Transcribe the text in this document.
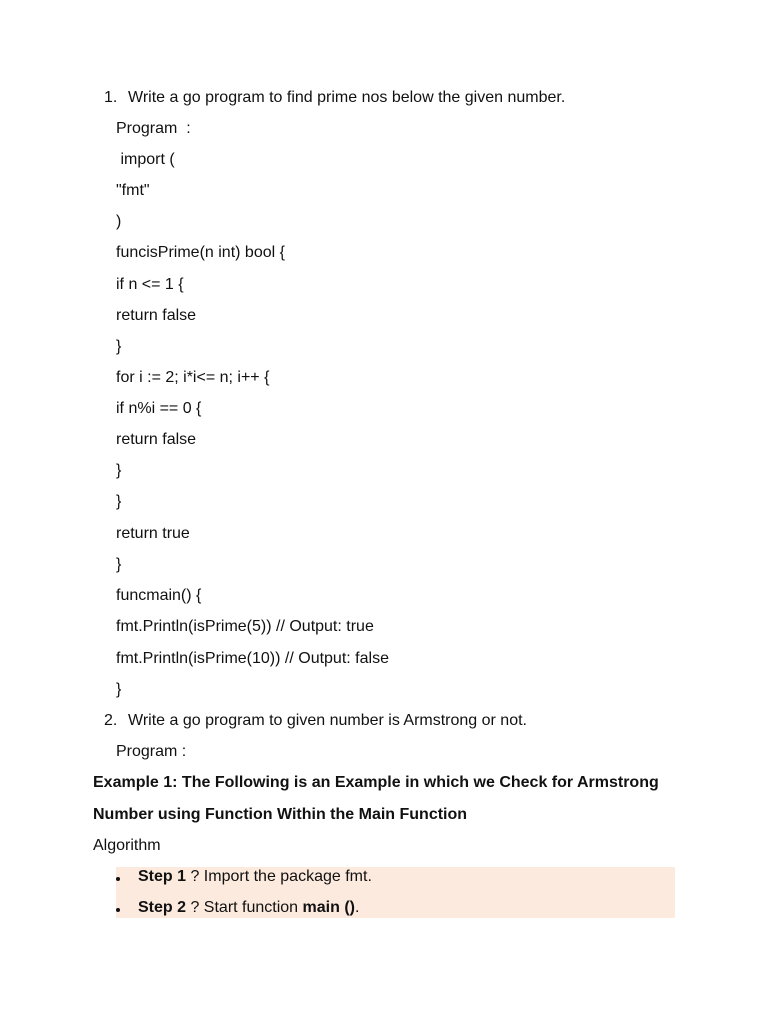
1. Write a go program to find prime nos below the given number.
Program  :
import (
"fmt"
)
funcisPrime(n int) bool {
if n <= 1 {
return false
}
for i := 2; i*i<= n; i++ {
if n%i == 0 {
return false
}
}
return true
}
funcmain() {
fmt.Println(isPrime(5)) // Output: true
fmt.Println(isPrime(10)) // Output: false
}
2. Write a go program to given number is Armstrong or not.
Program :
Example 1: The Following is an Example in which we Check for Armstrong
Number using Function Within the Main Function
Algorithm
Step 1 ? Import the package fmt.
Step 2 ? Start function main ().
